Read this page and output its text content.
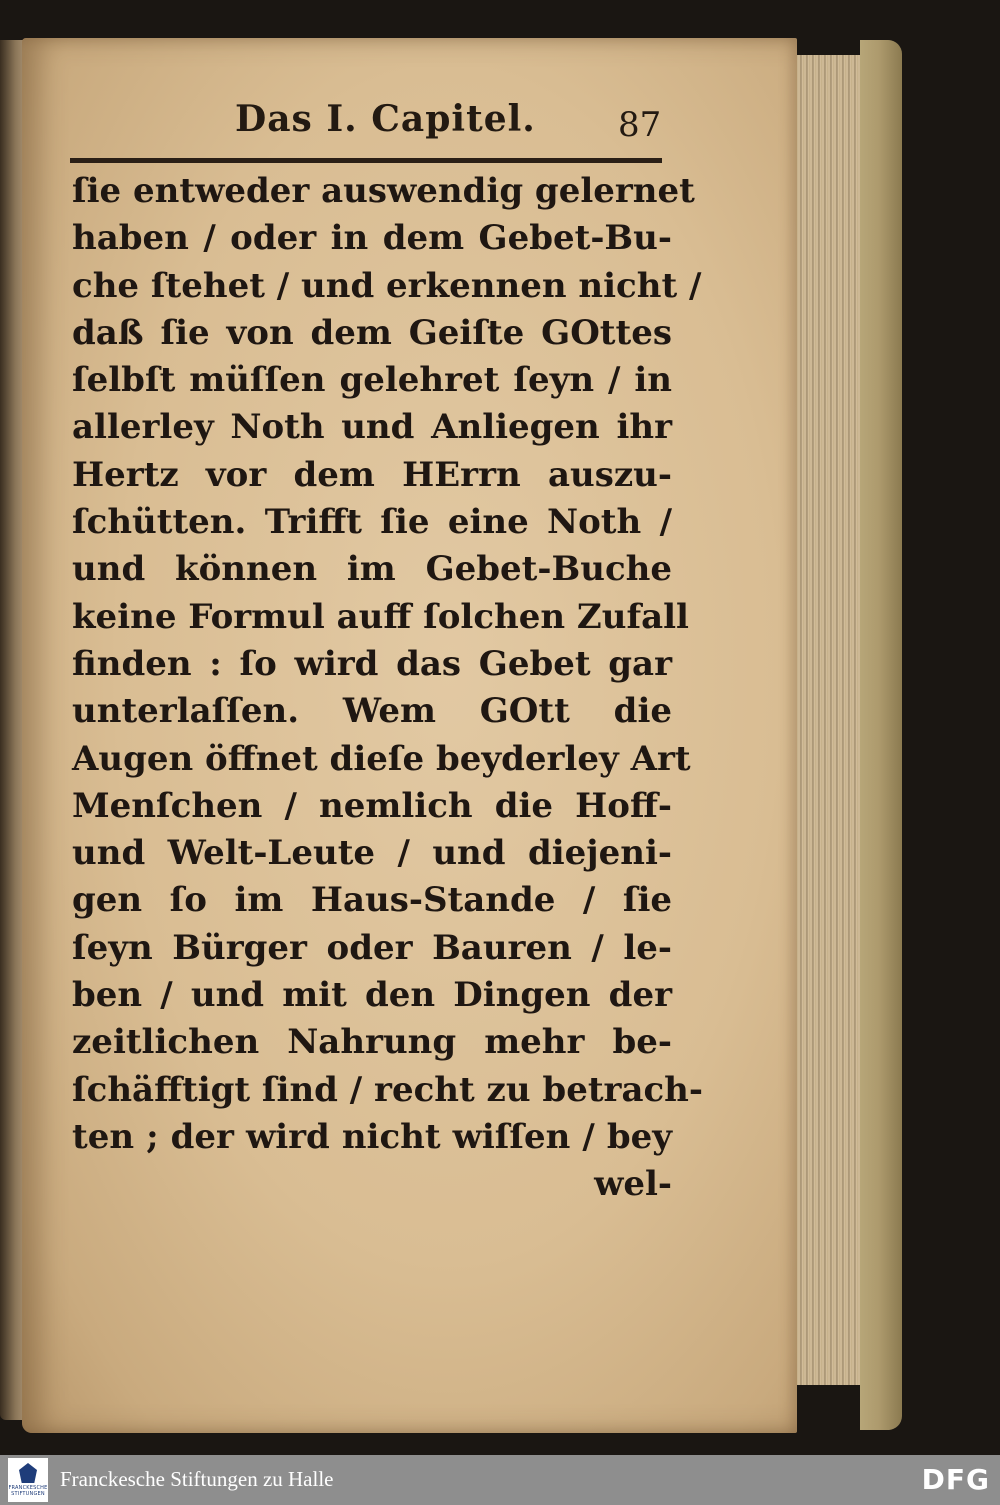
Das I. Capitel. 87
ſie entweder auswendig gelernet
haben / oder in dem Gebet-Bu-
che ſtehet / und erkennen nicht /
daß ſie von dem Geiſte GOttes
ſelbſt müſſen gelehret ſeyn / in
allerley Noth und Anliegen ihr
Hertz vor dem HErrn auszu-
ſchütten. Trifft ſie eine Noth /
und können im Gebet-Buche
keine Formul auff ſolchen Zufall
finden : ſo wird das Gebet gar
unterlaſſen. Wem GOtt die
Augen öffnet dieſe beyderley Art
Menſchen / nemlich die Hoff-
und Welt-Leute / und diejeni-
gen ſo im Haus-Stande / ſie
ſeyn Bürger oder Bauren / le-
ben / und mit den Dingen der
zeitlichen Nahrung mehr be-
ſchäfftigt ſind / recht zu betrach-
ten ; der wird nicht wiſſen / bey
wel-
FRANCKESCHE STIFTUNGEN
Franckesche Stiftungen zu Halle	DFG
